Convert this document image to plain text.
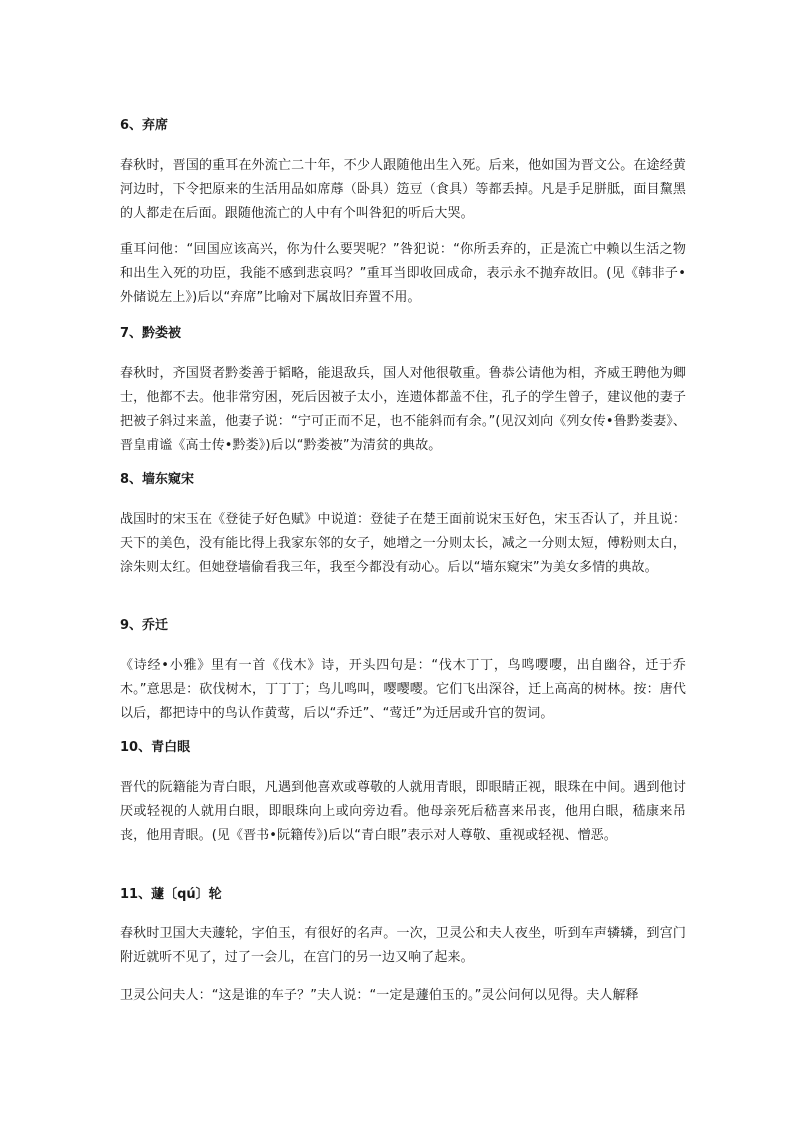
6、弃席
春秋时，晋国的重耳在外流亡二十年，不少人跟随他出生入死。后来，他如国为晋文公。在途经黄河边时，下令把原来的生活用品如席蓐（卧具）笾豆（食具）等都丢掉。凡是手足胼胝，面目黧黑的人都走在后面。跟随他流亡的人中有个叫咎犯的听后大哭。
重耳问他：“回国应该高兴，你为什么要哭呢？”咎犯说：“你所丢弃的，正是流亡中赖以生活之物和出生入死的功臣，我能不感到悲哀吗？”重耳当即收回成命，表示永不抛弃故旧。(见《韩非子•外储说左上》)后以“弃席”比喻对下属故旧弃置不用。
7、黔娄被
春秋时，齐国贤者黔娄善于韬略，能退敌兵，国人对他很敬重。鲁恭公请他为相，齐威王聘他为卿士，他都不去。他非常穷困，死后因被子太小，连遗体都盖不住，孔子的学生曾子，建议他的妻子把被子斜过来盖，他妻子说：“宁可正而不足，也不能斜而有余。”(见汉刘向《列女传•鲁黔娄妻》、晋皇甫谧《高士传•黔娄》)后以“黔娄被”为清贫的典故。
8、墙东窥宋
战国时的宋玉在《登徒子好色赋》中说道：登徒子在楚王面前说宋玉好色，宋玉否认了，并且说：天下的美色，没有能比得上我家东邻的女子，她增之一分则太长，减之一分则太短，傅粉则太白，涂朱则太红。但她登墙偷看我三年，我至今都没有动心。后以“墙东窥宋”为美女多情的典故。
9、乔迁
《诗经•小雅》里有一首《伐木》诗，开头四句是：“伐木丁丁，鸟鸣嘤嘤，出自幽谷，迁于乔木。”意思是：砍伐树木，丁丁丁；鸟儿鸣叫，嘤嘤嘤。它们飞出深谷，迁上高高的树林。按：唐代以后，都把诗中的鸟认作黄莺，后以“乔迁”、“莺迁”为迁居或升官的贺词。
10、青白眼
晋代的阮籍能为青白眼，凡遇到他喜欢或尊敬的人就用青眼，即眼睛正视，眼珠在中间。遇到他讨厌或轻视的人就用白眼，即眼珠向上或向旁边看。他母亲死后嵇喜来吊丧，他用白眼，嵇康来吊丧，他用青眼。(见《晋书•阮籍传》)后以“青白眼”表示对人尊敬、重视或轻视、憎恶。
11、蘧〔qú〕轮
春秋时卫国大夫蘧轮，字伯玉，有很好的名声。一次，卫灵公和夫人夜坐，听到车声辚辚，到宫门附近就听不见了，过了一会儿，在宫门的另一边又响了起来。
卫灵公问夫人：“这是谁的车子？”夫人说：“一定是蘧伯玉的。”灵公问何以见得。夫人解释
